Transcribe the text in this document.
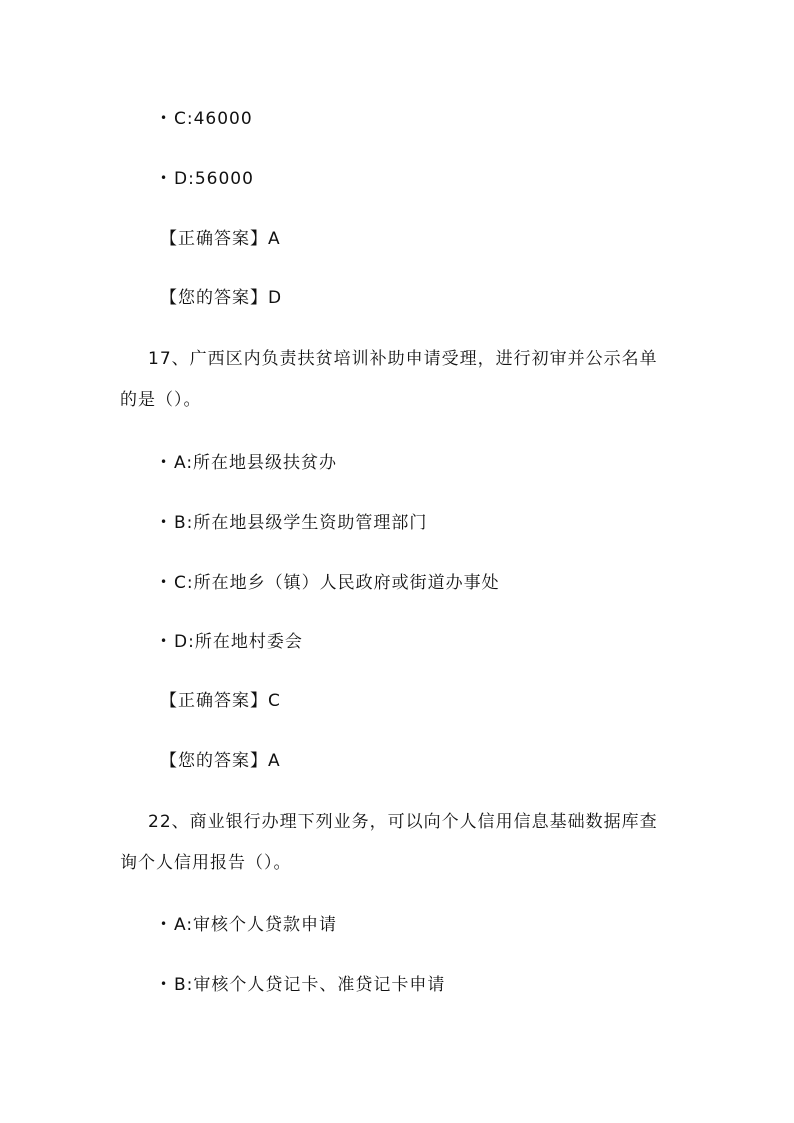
• C:46000
• D:56000
【正确答案】A
【您的答案】D
17、广西区内负责扶贫培训补助申请受理，进行初审并公示名单
的是（）。
• A:所在地县级扶贫办
• B:所在地县级学生资助管理部门
• C:所在地乡（镇）人民政府或街道办事处
• D:所在地村委会
【正确答案】C
【您的答案】A
22、商业银行办理下列业务，可以向个人信用信息基础数据库查
询个人信用报告（）。
• A:审核个人贷款申请
• B:审核个人贷记卡、准贷记卡申请
